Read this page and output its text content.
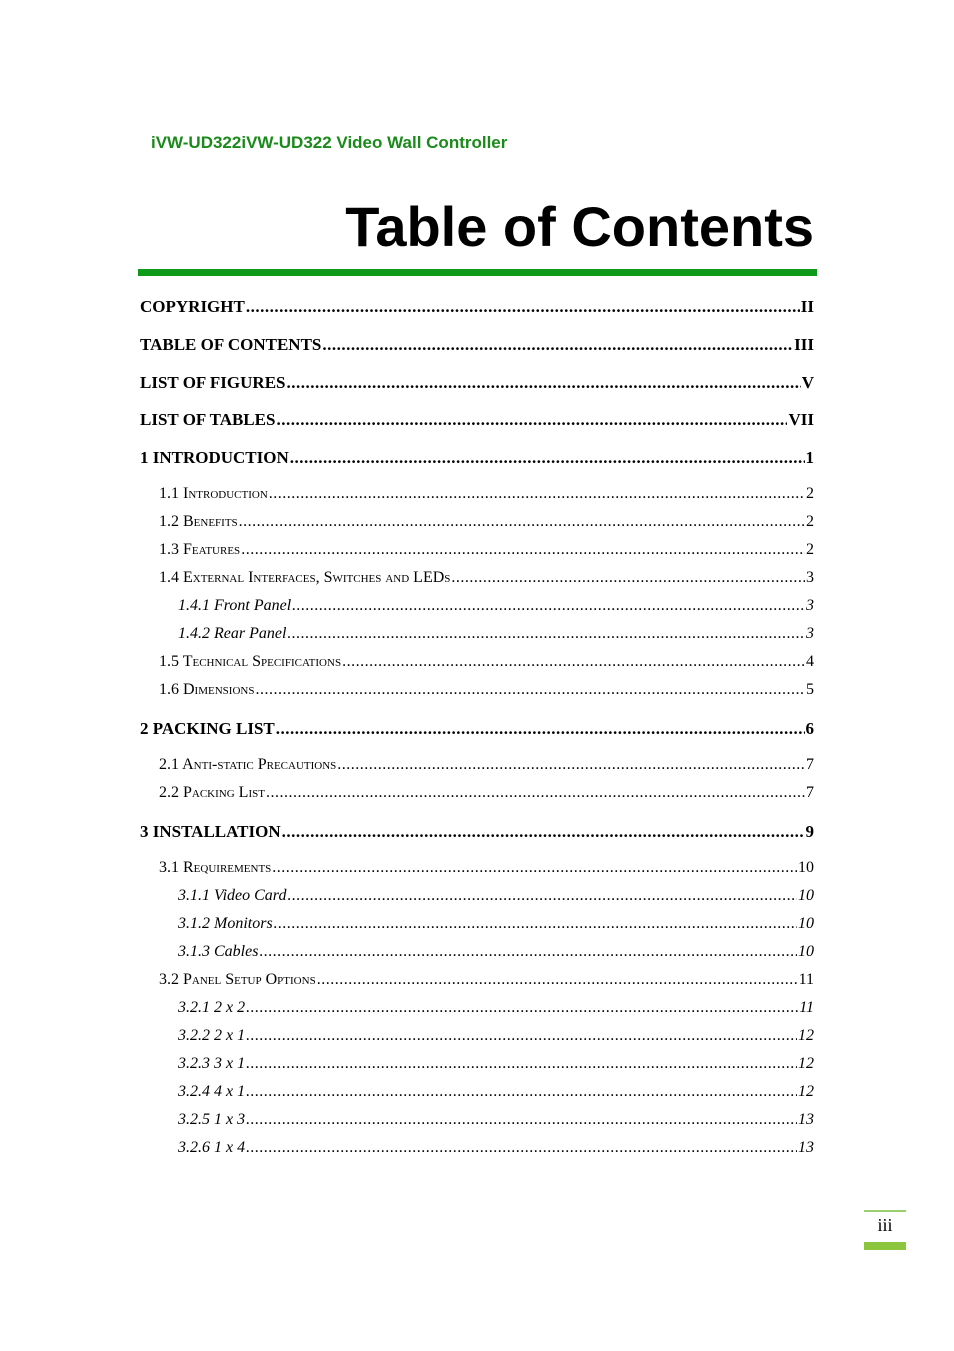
iVW-UD322iVW-UD322 Video Wall Controller
Table of Contents
COPYRIGHT .....	II
TABLE OF CONTENTS .....	III
LIST OF FIGURES .....	V
LIST OF TABLES .....	VII
1 INTRODUCTION .....	1
1.1 Introduction .....	2
1.2 Benefits .....	2
1.3 Features .....	2
1.4 External Interfaces, Switches and LEDs .....	3
1.4.1 Front Panel .....	3
1.4.2 Rear Panel .....	3
1.5 Technical Specifications .....	4
1.6 Dimensions .....	5
2 PACKING LIST .....	6
2.1 Anti-static Precautions .....	7
2.2 Packing List .....	7
3 INSTALLATION .....	9
3.1 Requirements .....	10
3.1.1 Video Card .....	10
3.1.2 Monitors .....	10
3.1.3 Cables .....	10
3.2 Panel Setup Options .....	11
3.2.1 2 x 2 .....	11
3.2.2 2 x 1 .....	12
3.2.3 3 x 1 .....	12
3.2.4 4 x 1 .....	12
3.2.5 1 x 3 .....	13
3.2.6 1 x 4 .....	13
iii
